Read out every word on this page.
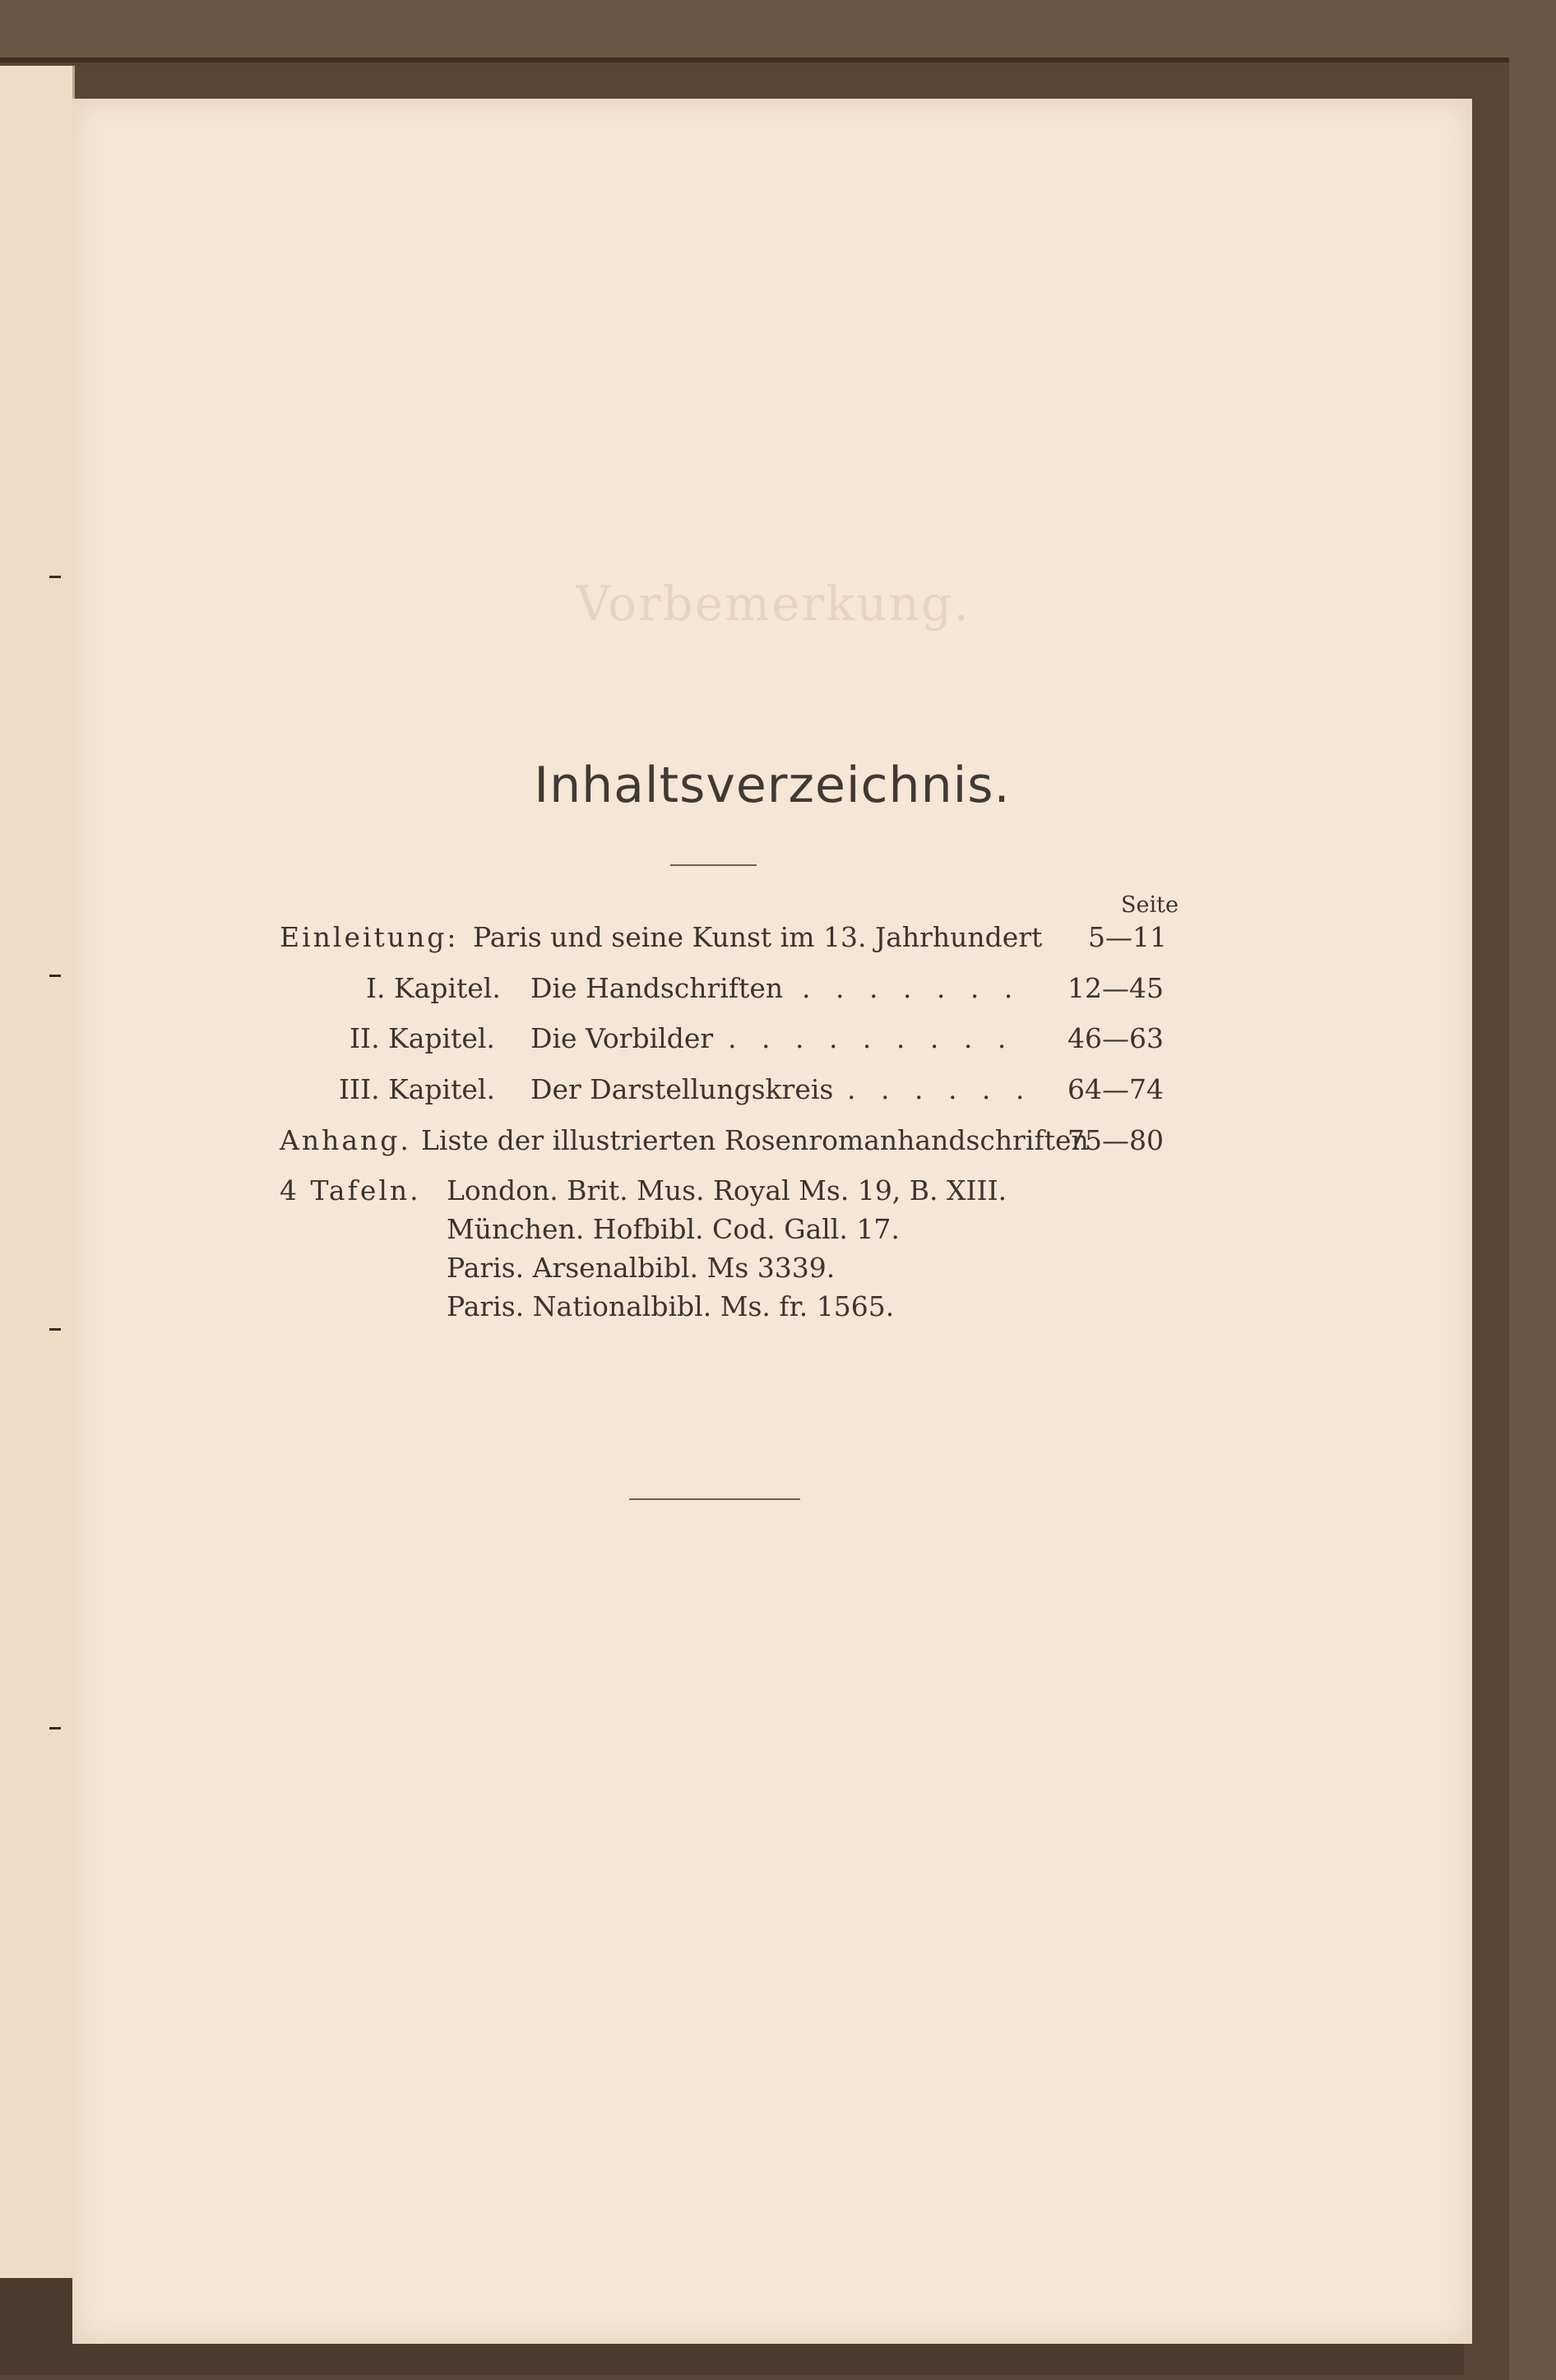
Vorbemerkung.
Inhaltsverzeichnis.
Seite
Einleitung: Paris und seine Kunst im 13. Jahrhundert 5—11
I. Kapitel. Die Handschriften . . . . . . . 12—45
II. Kapitel. Die Vorbilder . . . . . . . . . 46—63
III. Kapitel. Der Darstellungskreis . . . . . . 64—74
Anhang. Liste der illustrierten Rosenromanhandschriften
75—80
4 Tafeln. London. Brit. Mus. Royal Ms. 19, B. XIII.
München. Hofbibl. Cod. Gall. 17.
Paris. Arsenalbibl. Ms 3339.
Paris. Nationalbibl. Ms. fr. 1565.
